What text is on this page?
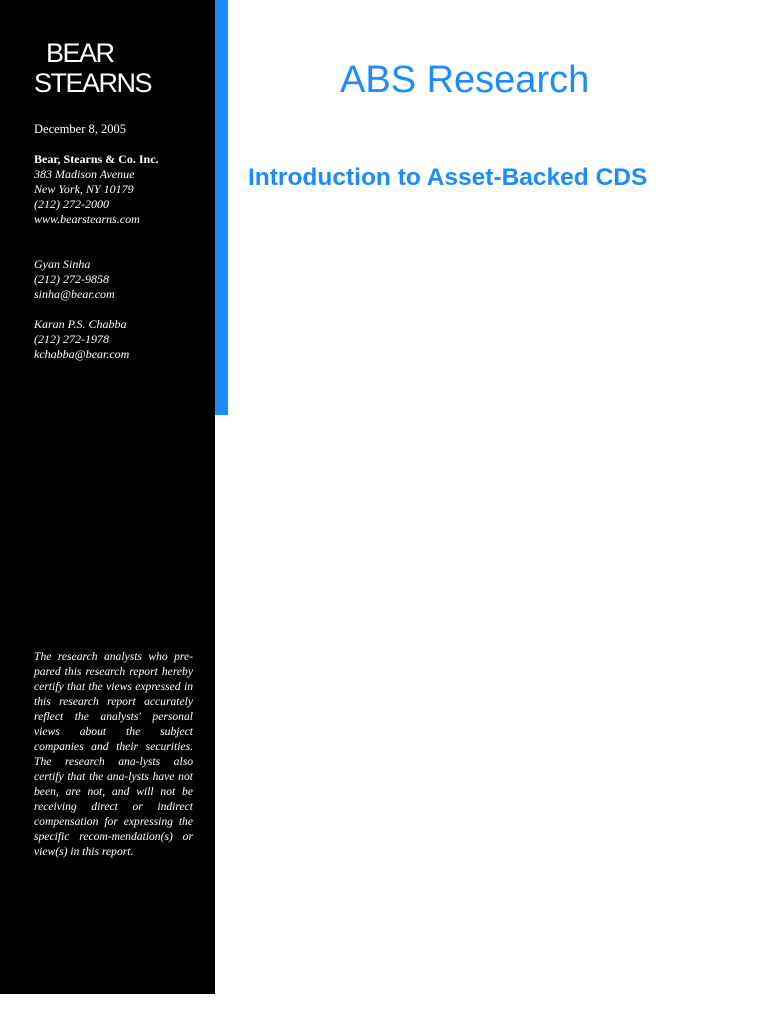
BEAR
STEARNS
December 8, 2005
Bear, Stearns & Co. Inc.
383 Madison Avenue
New York, NY 10179
(212) 272-2000
www.bearstearns.com
Gyan Sinha
(212) 272-9858
sinha@bear.com
Karan P.S. Chabba
(212) 272-1978
kchabba@bear.com
The research analysts who pre-pared this research report hereby certify that the views expressed in this research report accurately reflect the analysts' personal views about the subject companies and their securities. The research ana-lysts also certify that the ana-lysts have not been, are not, and will not be receiving direct or indirect compensation for expressing the specific recom-mendation(s) or view(s) in this report.
ABS Research
Introduction to Asset-Backed CDS
